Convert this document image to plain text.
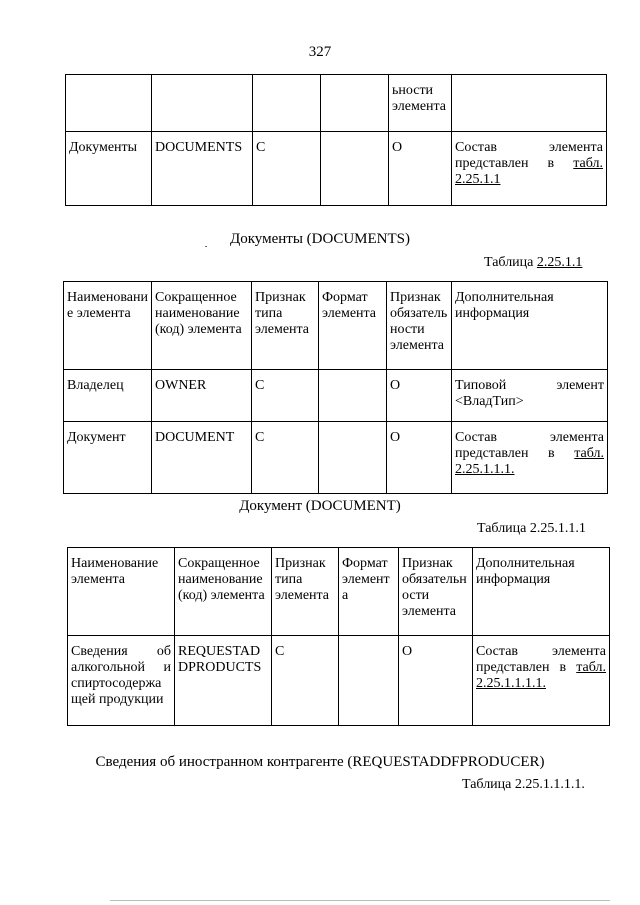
327
				ьности элемента	
Документы	DOCUMENTS	С		О	Состав элемента представлен в табл. 2.25.1.1
Документы (DOCUMENTS)
Таблица 2.25.1.1
Наименование элемента	Сокращенное наименование (код) элемента	Признак типа элемента	Формат элемента	Признак обязательности элемента	Дополнительная информация
Владелец	OWNER	С		О	Типовой элемент <ВладТип>
Документ	DOCUMENT	С		О	Состав элемента представлен в табл. 2.25.1.1.1.
Документ (DOCUMENT)
Таблица 2.25.1.1.1
Наименование элемента	Сокращенное наименование (код) элемента	Признак типа элемента	Формат элемента	Признак обязательности элемента	Дополнительная информация
Сведения об алкогольной и спиртосодержащей продукции	REQUESTADDPRODUCTS	С		О	Состав элемента представлен в табл. 2.25.1.1.1.1.
Сведения об иностранном контрагенте (REQUESTADDFPRODUCER)
Таблица 2.25.1.1.1.1.
